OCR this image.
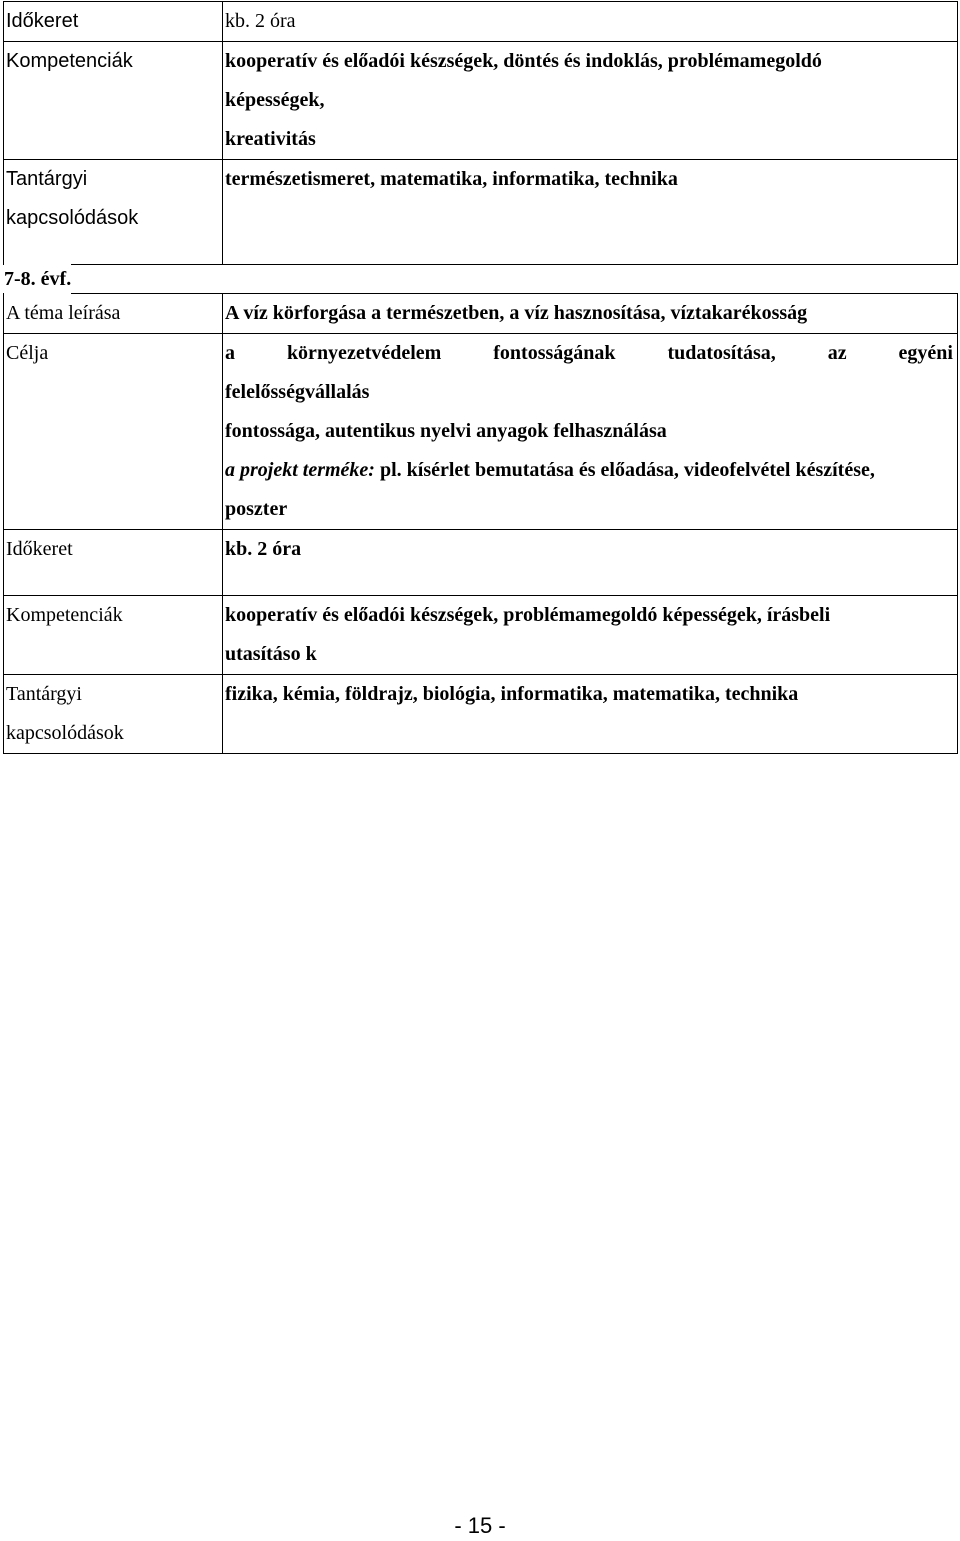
Időkeret	kb. 2 óra
Kompetenciák	kooperatív és előadói készségek, döntés és indoklás, problémamegoldó
képességek,
kreativitás

Tantárgyi
kapcsolódások	természetismeret, matematika, informatika, technika
7-8. évf.
A téma leírása	A víz körforgása a természetben, a víz hasznosítása, víztakarékosság
Célja	a környezetvédelem fontosságának tudatosítása, az egyéni
felelősségvállalás
fontossága, autentikus nyelvi anyagok felhasználása
a projekt terméke: pl. kísérlet bemutatása és előadása, videofelvétel készítése,
poszter

Időkeret	kb. 2 óra
Kompetenciák	kooperatív és előadói készségek, problémamegoldó képességek, írásbeli
utasításo k

Tantárgyi
kapcsolódások	fizika, kémia, földrajz, biológia, informatika, matematika, technika
- 15 -
